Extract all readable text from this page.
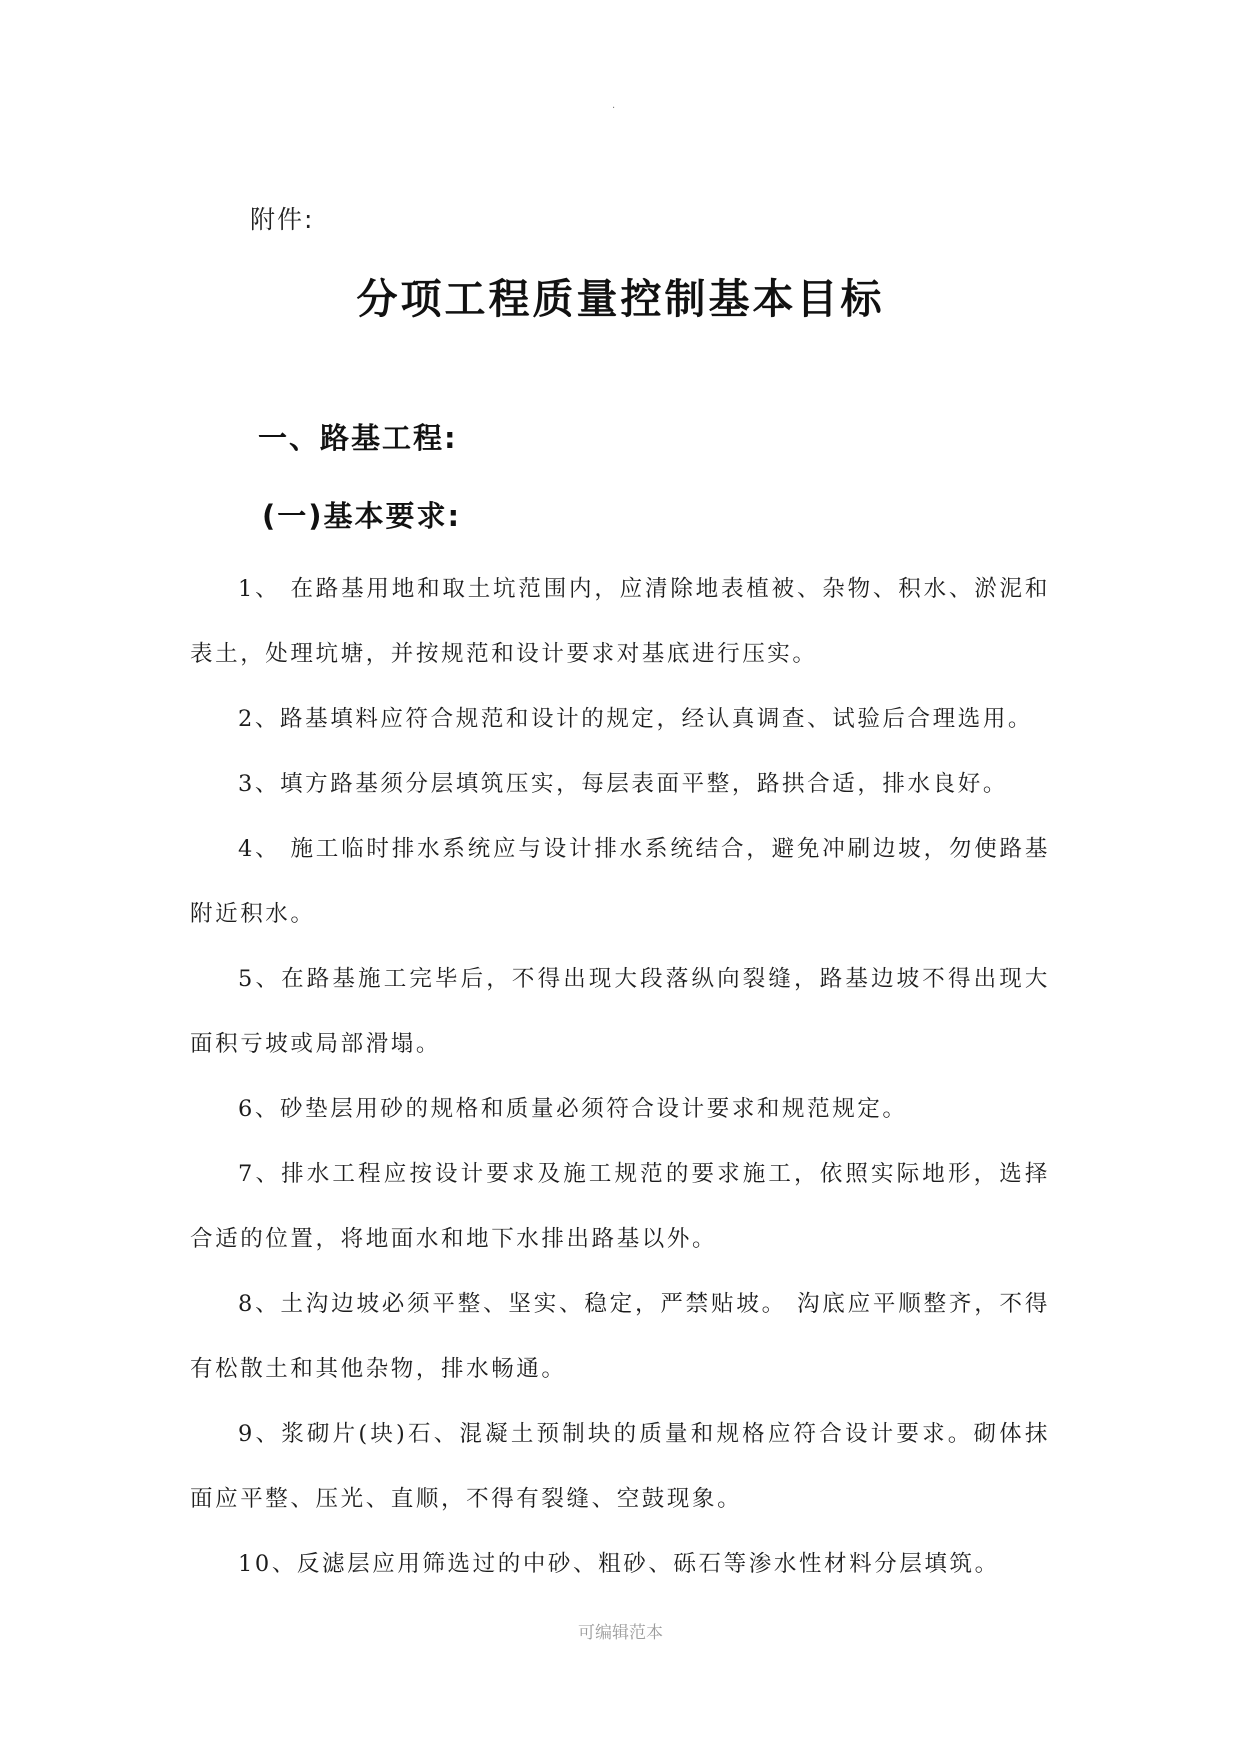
.
附件:
分项工程质量控制基本目标
一、路基工程:
(一)基本要求:

1、 在路基用地和取土坑范围内，应清除地表植被、杂物、积水、淤泥和表土，处理坑塘，并按规范和设计要求对基底进行压实。

2、路基填料应符合规范和设计的规定，经认真调查、试验后合理选用。

3、填方路基须分层填筑压实，每层表面平整，路拱合适，排水良好。

4、 施工临时排水系统应与设计排水系统结合，避免冲刷边坡，勿使路基附近积水。

5、在路基施工完毕后，不得出现大段落纵向裂缝，路基边坡不得出现大面积亏坡或局部滑塌。

6、砂垫层用砂的规格和质量必须符合设计要求和规范规定。

7、排水工程应按设计要求及施工规范的要求施工，依照实际地形，选择合适的位置，将地面水和地下水排出路基以外。

8、土沟边坡必须平整、坚实、稳定，严禁贴坡。 沟底应平顺整齐，不得有松散土和其他杂物，排水畅通。

9、浆砌片(块)石、混凝土预制块的质量和规格应符合设计要求。砌体抹面应平整、压光、直顺，不得有裂缝、空鼓现象。

10、反滤层应用筛选过的中砂、粗砂、砾石等渗水性材料分层填筑。

可编辑范本
